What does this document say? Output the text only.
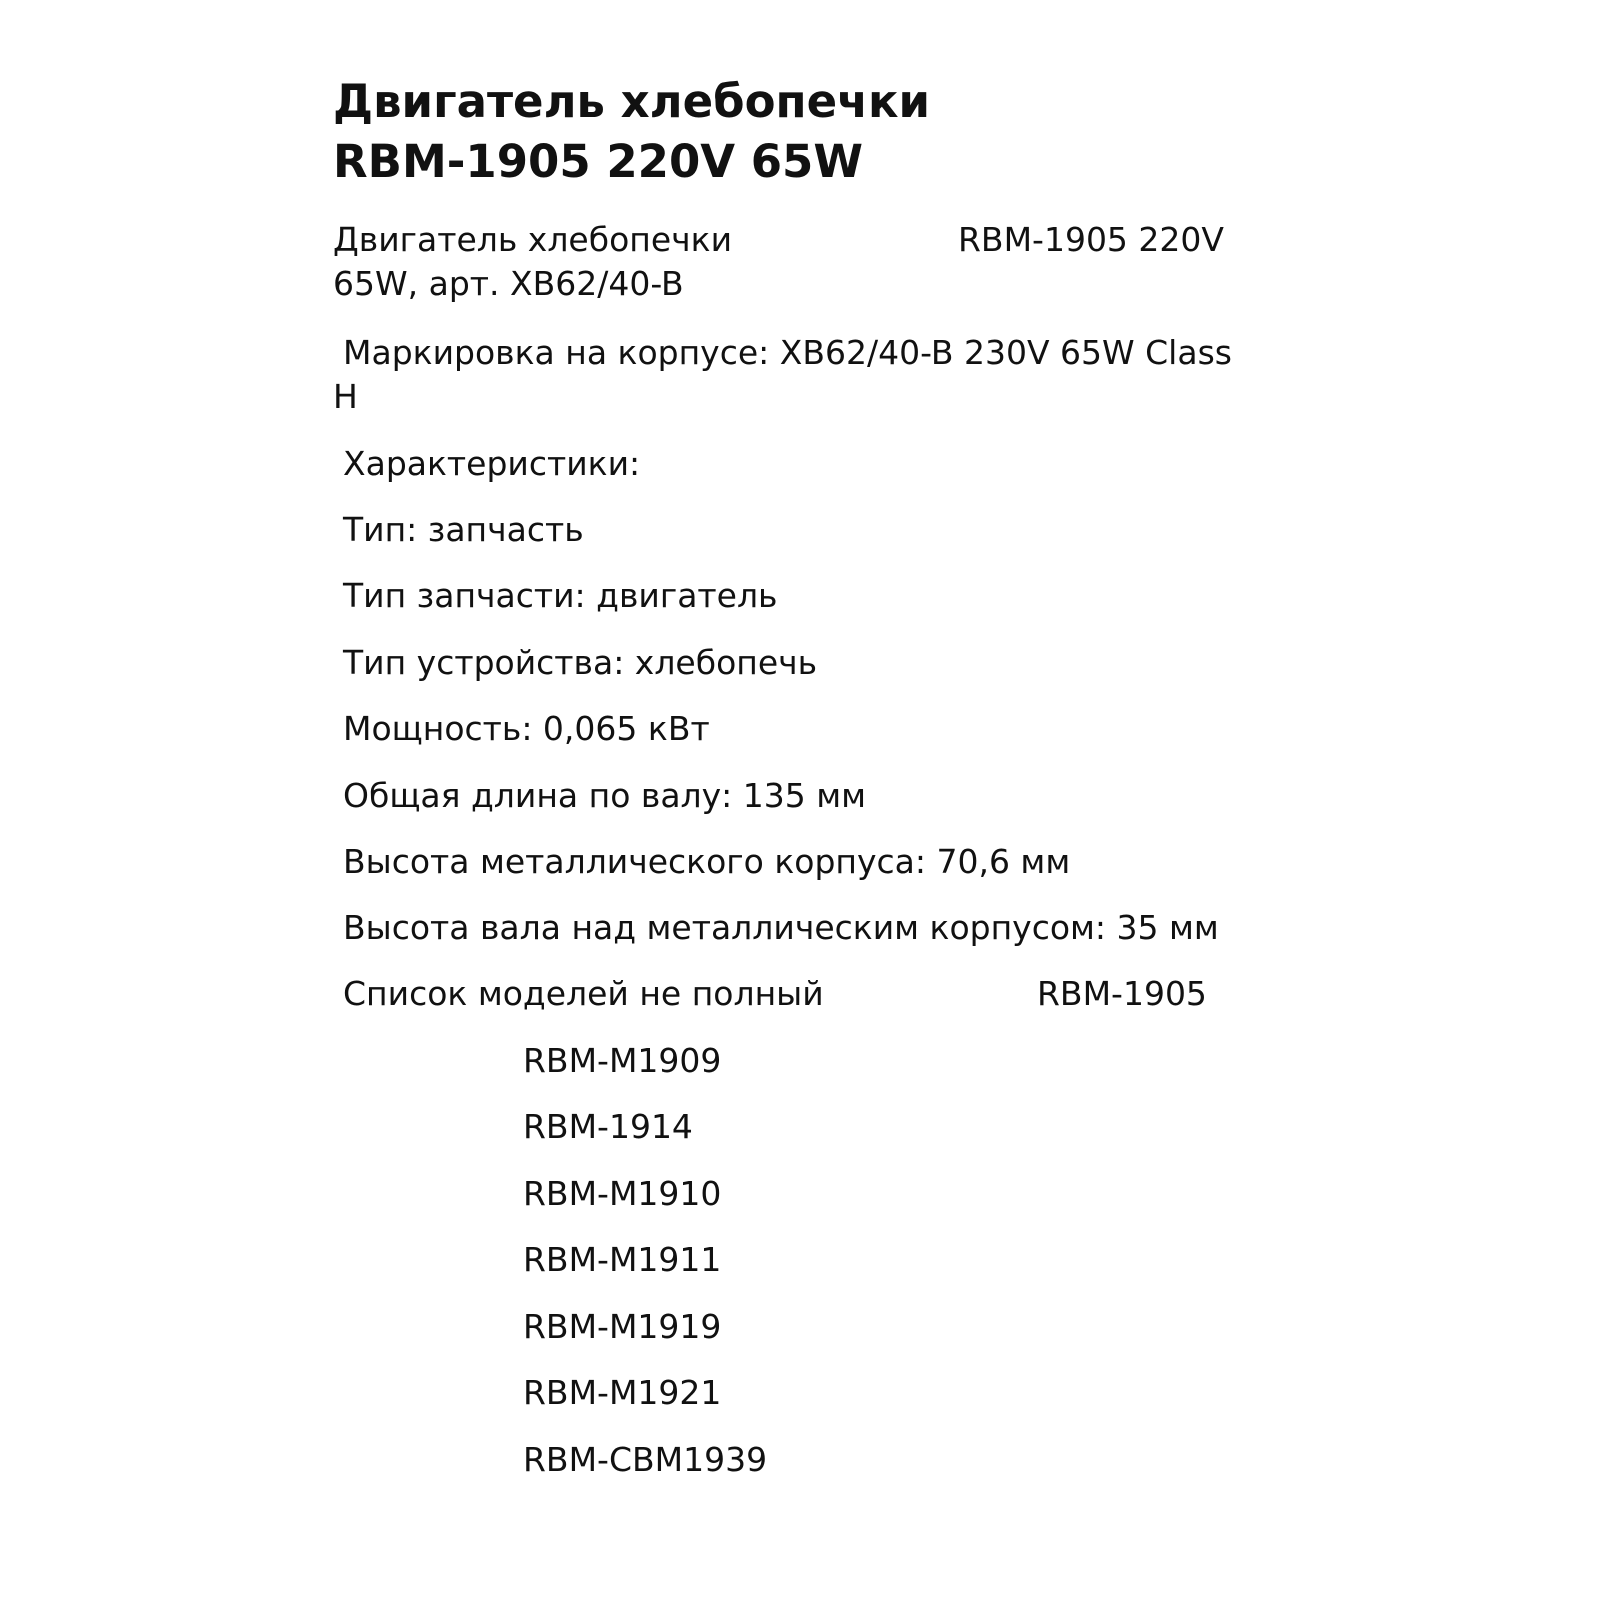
Двигатель хлебопечки
RBM-1905 220V 65W
Двигатель хлебопечки	RBM-1905 220V
65W, арт. XB62/40-B
Маркировка на корпусе: XB62/40-B 230V 65W Class
H
Характеристики:
Тип: запчасть
Тип запчасти: двигатель
Тип устройства: хлебопечь
Мощность: 0,065 кВт
Общая длина по валу: 135 мм
Высота металлического корпуса: 70,6 мм
Высота вала над металлическим корпусом: 35 мм
Список моделей не полный	RBM-1905
RBM-M1909
RBM-1914
RBM-M1910
RBM-M1911
RBM-M1919
RBM-M1921
RBM-CBM1939
